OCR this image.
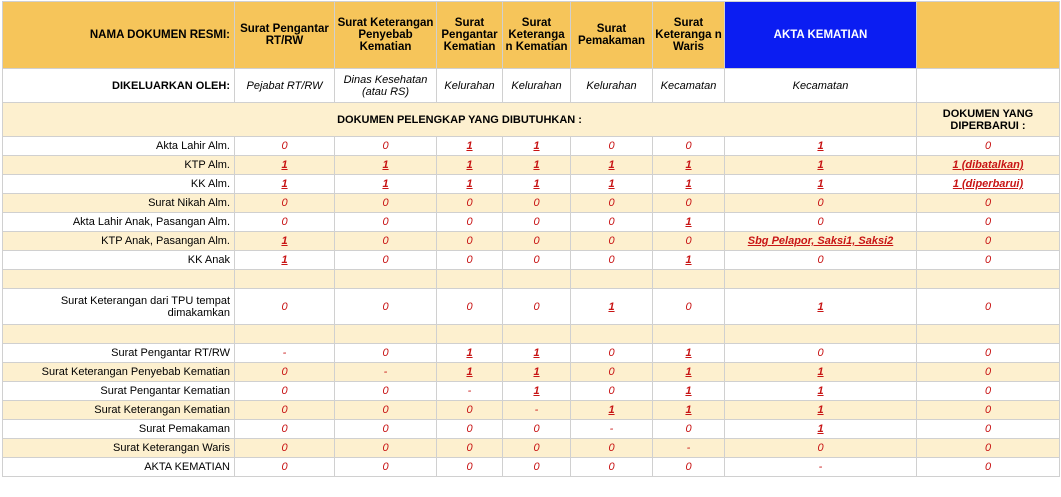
NAMA DOKUMEN RESMI:	Surat Pengantar RT/RW	Surat Keterangan Penyebab Kematian	Surat Pengantar Kematian	Surat Keteranga n Kematian	Surat Pemakaman	Surat Keteranga n Waris	AKTA KEMATIAN	
DIKELUARKAN OLEH:	Pejabat RT/RW	Dinas Kesehatan (atau RS)	Kelurahan	Kelurahan	Kelurahan	Kecamatan	Kecamatan	
DOKUMEN PELENGKAP YANG DIBUTUHKAN :								DOKUMEN YANG DIPERBARUI :
Akta Lahir Alm.	0	0	1	1	0	0	1	0
KTP Alm.	1	1	1	1	1	1	1	1 (dibatalkan)
KK Alm.	1	1	1	1	1	1	1	1 (diperbarui)
Surat Nikah Alm.	0	0	0	0	0	0	0	0
Akta Lahir Anak, Pasangan Alm.	0	0	0	0	0	1	0	0
KTP Anak, Pasangan Alm.	1	0	0	0	0	0	Sbg Pelapor, Saksi1, Saksi2	0
KK Anak	1	0	0	0	0	1	0	0

Surat Keterangan dari TPU tempat dimakamkan	0	0	0	0	1	0	1	0

Surat Pengantar RT/RW	-	0	1	1	0	1	0	0
Surat Keterangan Penyebab Kematian	0	-	1	1	0	1	1	0
Surat Pengantar Kematian	0	0	-	1	0	1	1	0
Surat Keterangan Kematian	0	0	0	-	1	1	1	0
Surat Pemakaman	0	0	0	0	-	0	1	0
Surat Keterangan Waris	0	0	0	0	0	-	0	0
AKTA KEMATIAN	0	0	0	0	0	0	-	0
